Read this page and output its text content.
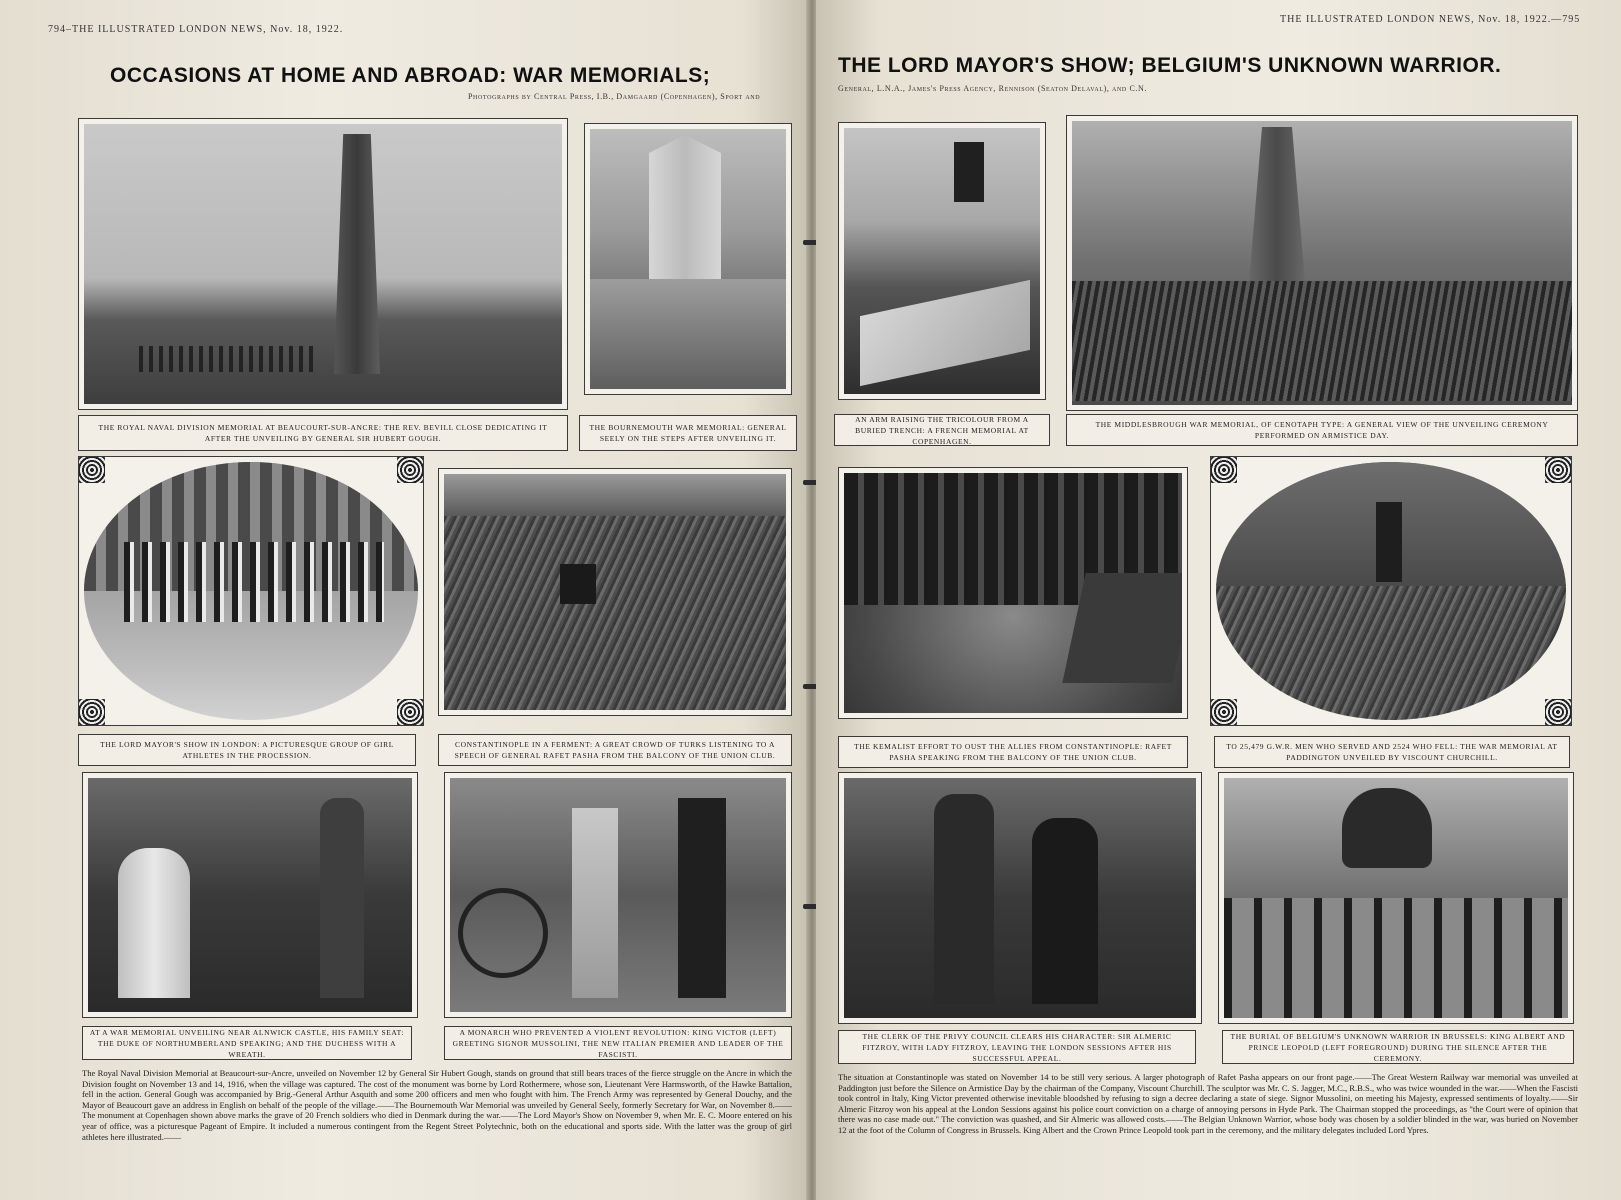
794–THE ILLUSTRATED LONDON NEWS, Nov. 18, 1922.
OCCASIONS AT HOME AND ABROAD: WAR MEMORIALS;
Photographs by Central Press, I.B., Damgaard (Copenhagen), Sport and
THE ROYAL NAVAL DIVISION MEMORIAL AT BEAUCOURT-SUR-ANCRE: THE REV. BEVILL CLOSE DEDICATING IT AFTER THE UNVEILING BY GENERAL SIR HUBERT GOUGH.
THE BOURNEMOUTH WAR MEMORIAL: GENERAL SEELY ON THE STEPS AFTER UNVEILING IT.
THE LORD MAYOR'S SHOW IN LONDON: A PICTURESQUE GROUP OF GIRL ATHLETES IN THE PROCESSION.
CONSTANTINOPLE IN A FERMENT: A GREAT CROWD OF TURKS LISTENING TO A SPEECH OF GENERAL RAFET PASHA FROM THE BALCONY OF THE UNION CLUB.
AT A WAR MEMORIAL UNVEILING NEAR ALNWICK CASTLE, HIS FAMILY SEAT: THE DUKE OF NORTHUMBERLAND SPEAKING; AND THE DUCHESS WITH A WREATH.
A MONARCH WHO PREVENTED A VIOLENT REVOLUTION: KING VICTOR (LEFT) GREETING SIGNOR MUSSOLINI, THE NEW ITALIAN PREMIER AND LEADER OF THE FASCISTI.
The Royal Naval Division Memorial at Beaucourt-sur-Ancre, unveiled on November 12 by General Sir Hubert Gough, stands on ground that still bears traces of the fierce struggle on the Ancre in which the Division fought on November 13 and 14, 1916, when the village was captured. The cost of the monument was borne by Lord Rothermere, whose son, Lieutenant Vere Harmsworth, of the Hawke Battalion, fell in the action. General Gough was accompanied by Brig.-General Arthur Asquith and some 200 officers and men who fought with him. The French Army was represented by General Douchy, and the Mayor of Beaucourt gave an address in English on behalf of the people of the village.——The Bournemouth War Memorial was unveiled by General Seely, formerly Secretary for War, on November 8.——The monument at Copenhagen shown above marks the grave of 20 French soldiers who died in Denmark during the war.——The Lord Mayor's Show on November 9, when Mr. E. C. Moore entered on his year of office, was a picturesque Pageant of Empire. It included a numerous contingent from the Regent Street Polytechnic, both on the educational and sports side. With the latter was the group of girl athletes here illustrated.——
THE ILLUSTRATED LONDON NEWS, Nov. 18, 1922.—795
THE LORD MAYOR'S SHOW; BELGIUM'S UNKNOWN WARRIOR.
General, L.N.A., James's Press Agency, Rennison (Seaton Delaval), and C.N.
AN ARM RAISING THE TRICOLOUR FROM A BURIED TRENCH: A FRENCH MEMORIAL AT COPENHAGEN.
THE MIDDLESBROUGH WAR MEMORIAL, OF CENOTAPH TYPE: A GENERAL VIEW OF THE UNVEILING CEREMONY PERFORMED ON ARMISTICE DAY.
THE KEMALIST EFFORT TO OUST THE ALLIES FROM CONSTANTINOPLE: RAFET PASHA SPEAKING FROM THE BALCONY OF THE UNION CLUB.
TO 25,479 G.W.R. MEN WHO SERVED AND 2524 WHO FELL: THE WAR MEMORIAL AT PADDINGTON UNVEILED BY VISCOUNT CHURCHILL.
THE CLERK OF THE PRIVY COUNCIL CLEARS HIS CHARACTER: SIR ALMERIC FITZROY, WITH LADY FITZROY, LEAVING THE LONDON SESSIONS AFTER HIS SUCCESSFUL APPEAL.
THE BURIAL OF BELGIUM'S UNKNOWN WARRIOR IN BRUSSELS: KING ALBERT AND PRINCE LEOPOLD (LEFT FOREGROUND) DURING THE SILENCE AFTER THE CEREMONY.
The situation at Constantinople was stated on November 14 to be still very serious. A larger photograph of Rafet Pasha appears on our front page.——The Great Western Railway war memorial was unveiled at Paddington just before the Silence on Armistice Day by the chairman of the Company, Viscount Churchill. The sculptor was Mr. C. S. Jagger, M.C., R.B.S., who was twice wounded in the war.——When the Fascisti took control in Italy, King Victor prevented otherwise inevitable bloodshed by refusing to sign a decree declaring a state of siege. Signor Mussolini, on meeting his Majesty, expressed sentiments of loyalty.——Sir Almeric Fitzroy won his appeal at the London Sessions against his police court conviction on a charge of annoying persons in Hyde Park. The Chairman stopped the proceedings, as "the Court were of opinion that there was no case made out." The conviction was quashed, and Sir Almeric was allowed costs.——The Belgian Unknown Warrior, whose body was chosen by a soldier blinded in the war, was buried on November 12 at the foot of the Column of Congress in Brussels. King Albert and the Crown Prince Leopold took part in the ceremony, and the military delegates included Lord Ypres.
